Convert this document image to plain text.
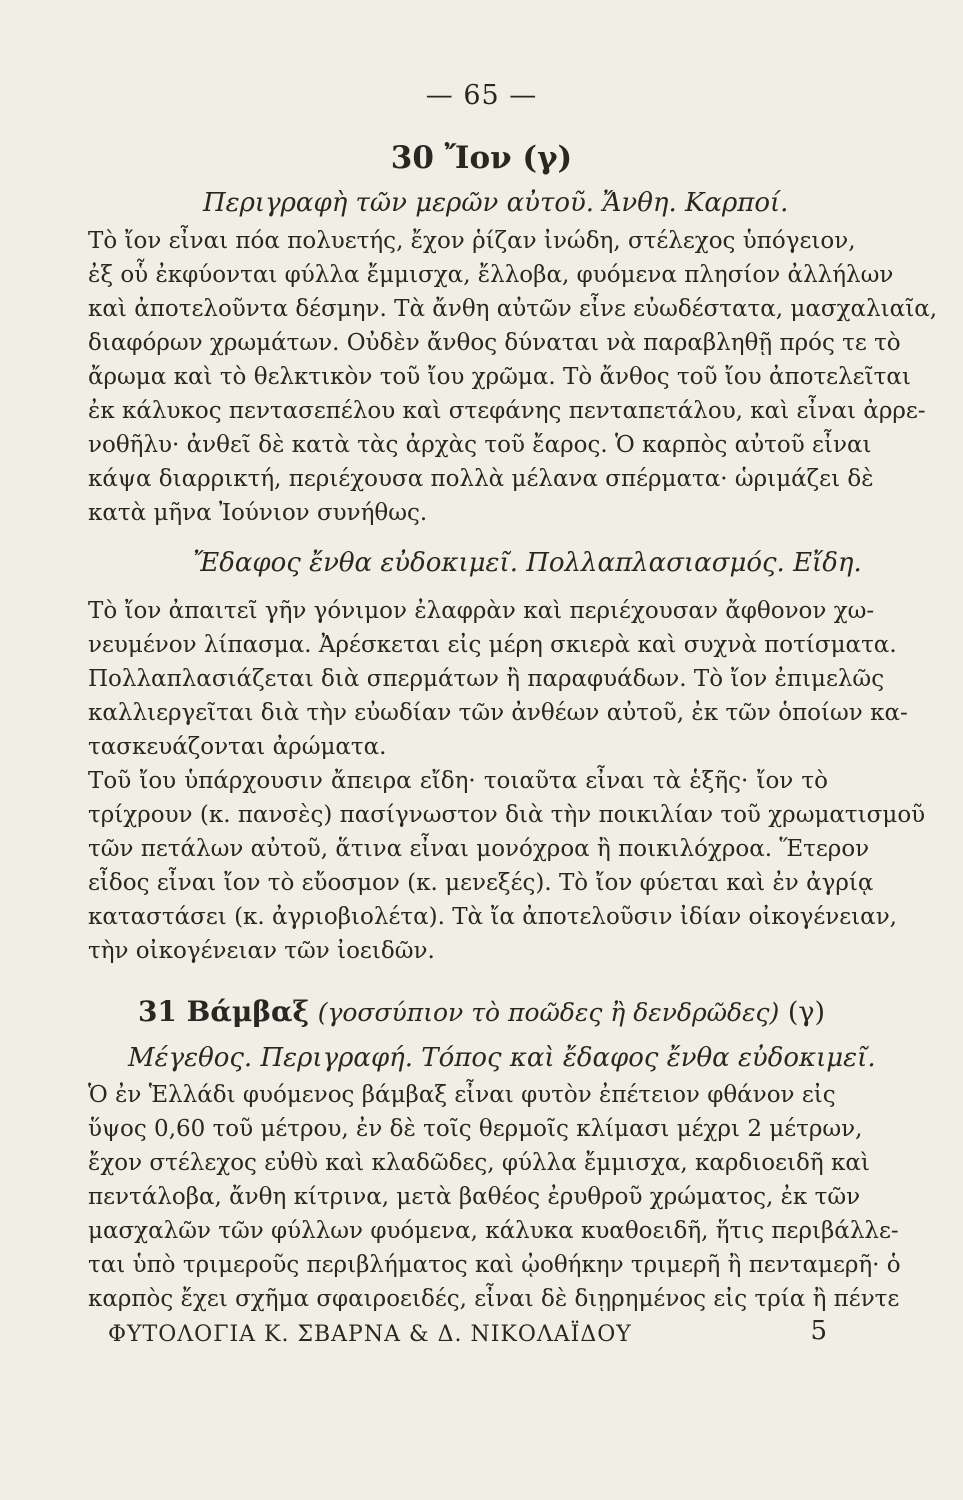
— 65 —
30 Ἴον (γ)
Περιγραφὴ τῶν μερῶν αὐτοῦ. Ἄνθη. Καρποί.
Τὸ ἴον εἶναι πόα πολυετής, ἔχον ῥίζαν ἰνώδη, στέλεχος ὑπόγειον,
ἐξ οὗ ἐκφύονται φύλλα ἔμμισχα, ἔλλοβα, φυόμενα πλησίον ἀλλήλων
καὶ ἀποτελοῦντα δέσμην. Τὰ ἄνθη αὐτῶν εἶνε εὐωδέστατα, μασχαλιαῖα,
διαφόρων χρωμάτων. Οὐδὲν ἄνθος δύναται νὰ παραβληθῇ πρός τε τὸ
ἄρωμα καὶ τὸ θελκτικὸν τοῦ ἴου χρῶμα. Τὸ ἄνθος τοῦ ἴου ἀποτελεῖται
ἐκ κάλυκος πεντασεπέλου καὶ στεφάνης πενταπετάλου, καὶ εἶναι ἀρρε-
νοθῆλυ· ἀνθεῖ δὲ κατὰ τὰς ἀρχὰς τοῦ ἔαρος. Ὁ καρπὸς αὐτοῦ εἶναι
κάψα διαρρικτή, περιέχουσα πολλὰ μέλανα σπέρματα· ὡριμάζει δὲ
κατὰ μῆνα Ἰούνιον συνήθως.
Ἔδαφος ἔνθα εὐδοκιμεῖ. Πολλαπλασιασμός. Εἴδη.
Τὸ ἴον ἀπαιτεῖ γῆν γόνιμον ἐλαφρὰν καὶ περιέχουσαν ἄφθονον χω-
νευμένον λίπασμα. Ἀρέσκεται εἰς μέρη σκιερὰ καὶ συχνὰ ποτίσματα.
Πολλαπλασιάζεται διὰ σπερμάτων ἢ παραφυάδων. Τὸ ἴον ἐπιμελῶς
καλλιεργεῖται διὰ τὴν εὐωδίαν τῶν ἀνθέων αὐτοῦ, ἐκ τῶν ὁποίων κα-
τασκευάζονται ἀρώματα.
Τοῦ ἴου ὑπάρχουσιν ἄπειρα εἴδη· τοιαῦτα εἶναι τὰ ἑξῆς· ἴον τὸ
τρίχρουν (κ. πανσὲς) πασίγνωστον διὰ τὴν ποικιλίαν τοῦ χρωματισμοῦ
τῶν πετάλων αὐτοῦ, ἅτινα εἶναι μονόχροα ἢ ποικιλόχροα. Ἕτερον
εἶδος εἶναι ἴον τὸ εὔοσμον (κ. μενεξές). Τὸ ἴον φύεται καὶ ἐν ἀγρίᾳ
καταστάσει (κ. ἀγριοβιολέτα). Τὰ ἴα ἀποτελοῦσιν ἰδίαν οἰκογένειαν,
τὴν οἰκογένειαν τῶν ἰοειδῶν.
31 Βάμβαξ (γοσσύπιον τὸ ποῶδες ἢ δενδρῶδες) (γ)
Μέγεθος. Περιγραφή. Τόπος καὶ ἔδαφος ἔνθα εὐδοκιμεῖ.
Ὁ ἐν Ἑλλάδι φυόμενος βάμβαξ εἶναι φυτὸν ἐπέτειον φθάνον εἰς
ὕψος 0,60 τοῦ μέτρου, ἐν δὲ τοῖς θερμοῖς κλίμασι μέχρι 2 μέτρων,
ἔχον στέλεχος εὐθὺ καὶ κλαδῶδες, φύλλα ἔμμισχα, καρδιοειδῆ καὶ
πεντάλοβα, ἄνθη κίτρινα, μετὰ βαθέος ἐρυθροῦ χρώματος, ἐκ τῶν
μασχαλῶν τῶν φύλλων φυόμενα, κάλυκα κυαθοειδῆ, ἥτις περιβάλλε-
ται ὑπὸ τριμεροῦς περιβλήματος καὶ ᾠοθήκην τριμερῆ ἢ πενταμερῆ· ὁ
καρπὸς ἔχει σχῆμα σφαιροειδές, εἶναι δὲ διῃρημένος εἰς τρία ἢ πέντε
ΦΥΤΟΛΟΓΙΑ Κ. ΣΒΑΡΝΑ & Δ. ΝΙΚΟΛΑΪΔΟΥ	5
